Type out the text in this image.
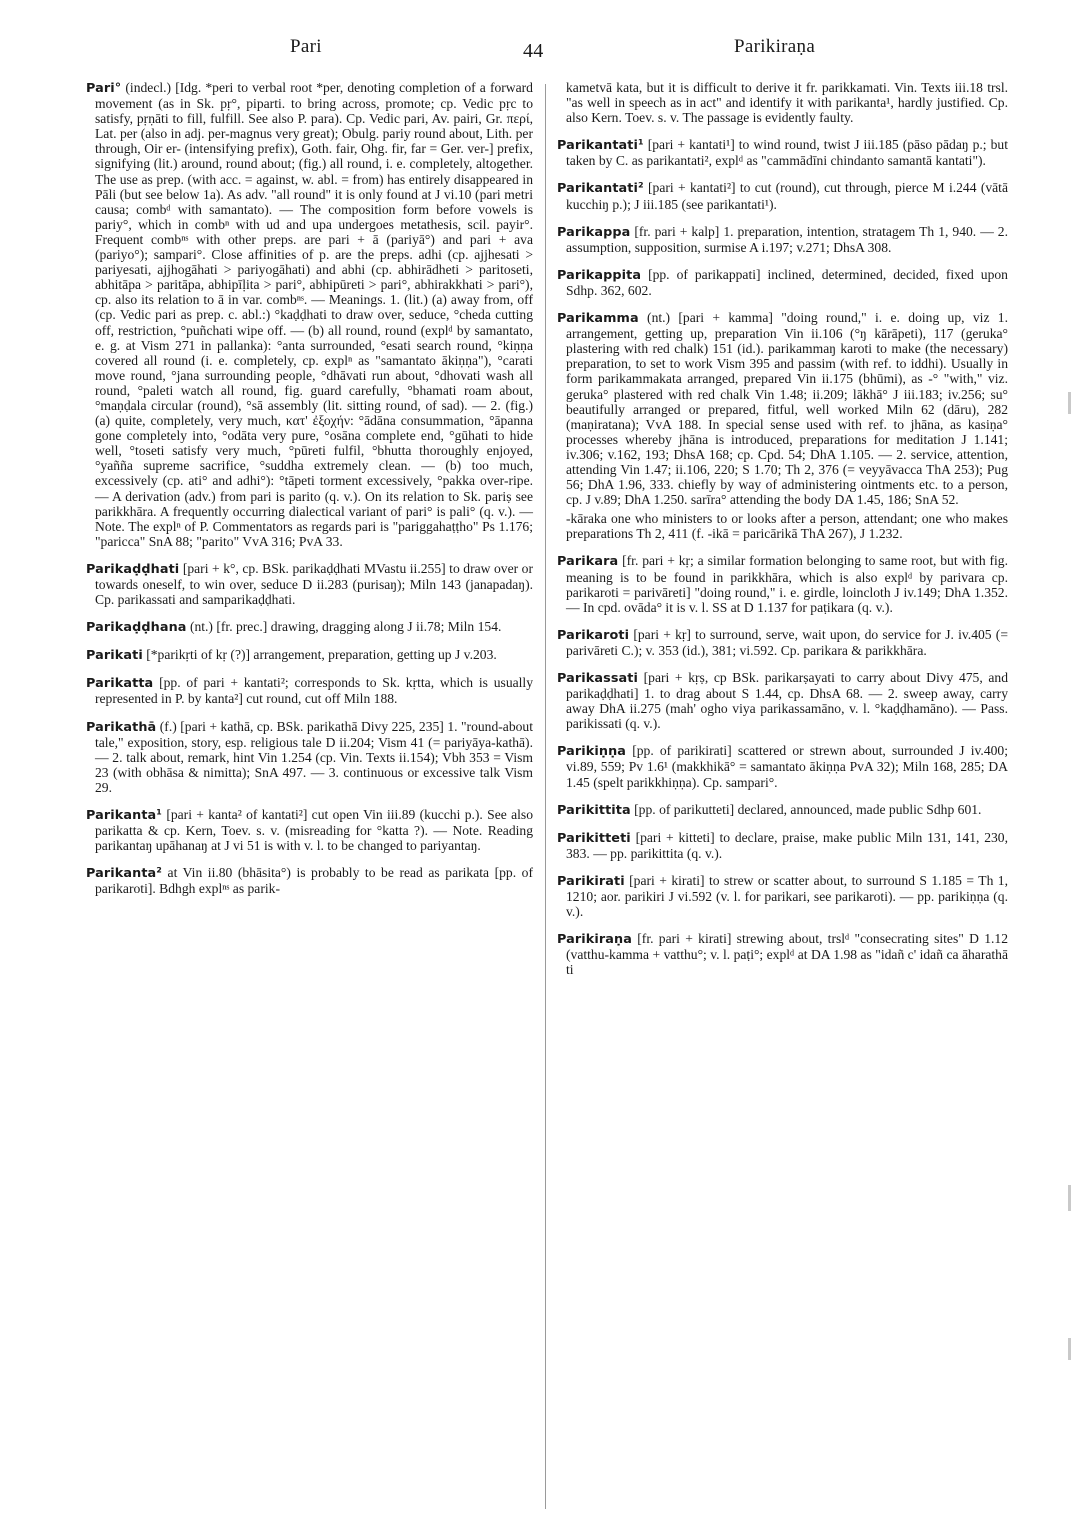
Pari	44	Parikiraṇa

Pari° (indecl.) [Idg. *peri to verbal root *per, denoting completion of a forward movement (as in Sk. pṛ°, piparti. to bring across, promote; cp. Vedic pṛc to satisfy, pṛṇāti to fill, fulfill. See also P. para). Cp. Vedic pari, Av. pairi, Gr. περί, Lat. per (also in adj. per-magnus very great); Obulg. pariy round about, Lith. per through, Oir er- (intensifying prefix), Goth. fair, Ohg. fir, far = Ger. ver-] prefix, signifying (lit.) around, round about; (fig.) all round, i. e. completely, altogether. The use as prep. (with acc. = against, w. abl. = from) has entirely disappeared in Pāli (but see below 1a). As adv. "all round" it is only found at J vi.10 (pari metri causa; combᵈ with samantato). — The composition form before vowels is pariy°, which in combⁿ with ud and upa undergoes metathesis, scil. payir°. Frequent combⁿˢ with other preps. are pari + ā (pariyā°) and pari + ava (pariyo°); sampari°. Close affinities of p. are the preps. adhi (cp. ajjhesati > pariyesati, ajjhogāhati > pariyogāhati) and abhi (cp. abhirādheti > paritoseti, abhitāpa > paritāpa, abhipīḷita > pari°, abhipūreti > pari°, abhirakkhati > pari°), cp. also its relation to ā in var. combⁿˢ. — Meanings. 1. (lit.) (a) away from, off (cp. Vedic pari as prep. c. abl.:) °kaḍḍhati to draw over, seduce, °cheda cutting off, restriction, °puñchati wipe off. — (b) all round, round (explᵈ by samantato, e. g. at Vism 271 in pallanka): °anta surrounded, °esati search round, °kiṇṇa covered all round (i. e. completely, cp. explⁿ as "samantato ākiṇṇa"), °carati move round, °jana surrounding people, °dhāvati run about, °dhovati wash all round, °paleti watch all round, fig. guard carefully, °bhamati roam about, °maṇḍala circular (round), °sā assembly (lit. sitting round, of sad). — 2. (fig.) (a) quite, completely, very much, κατ' ἐξοχήν: °ādāna consummation, °āpanna gone completely into, °odāta very pure, °osāna complete end, °gūhati to hide well, °toseti satisfy very much, °pūreti fulfil, °bhutta thoroughly enjoyed, °yañña supreme sacrifice, °suddha extremely clean. — (b) too much, excessively (cp. ati° and adhi°): °tāpeti torment excessively, °pakka over-ripe. — A derivation (adv.) from pari is parito (q. v.). On its relation to Sk. pariṣ see parikkhāra. A frequently occurring dialectical variant of pari° is pali° (q. v.). — Note. The explⁿ of P. Commentators as regards pari is "pariggahaṭṭho" Ps 1.176; "paricca" SnA 88; "parito" VvA 316; PvA 33.

Parikaḍḍhati [pari + k°, cp. BSk. parikaḍḍhati MVastu ii.255] to draw over or towards oneself, to win over, seduce D ii.283 (purisaŋ); Miln 143 (janapadaŋ). Cp. parikassati and samparikaḍḍhati.

Parikaḍḍhana (nt.) [fr. prec.] drawing, dragging along J ii.78; Miln 154.

Parikati [*parikṛti of kṛ (?)] arrangement, preparation, getting up J v.203.

Parikatta [pp. of pari + kantati²; corresponds to Sk. kṛtta, which is usually represented in P. by kanta²] cut round, cut off Miln 188.

Parikathā (f.) [pari + kathā, cp. BSk. parikathā Divy 225, 235] 1. "round-about tale," exposition, story, esp. religious tale D ii.204; Vism 41 (= pariyāya-kathā). — 2. talk about, remark, hint Vin 1.254 (cp. Vin. Texts ii.154); Vbh 353 = Vism 23 (with obhāsa & nimitta); SnA 497. — 3. continuous or excessive talk Vism 29.

Parikanta¹ [pari + kanta² of kantati²] cut open Vin iii.89 (kucchi p.). See also parikatta & cp. Kern, Toev. s. v. (misreading for °katta ?). — Note. Reading parikantaŋ upāhanaŋ at J vi 51 is with v. l. to be changed to pariyantaŋ.

Parikanta² at Vin ii.80 (bhāsita°) is probably to be read as parikata [pp. of parikaroti]. Bdhgh explⁿˢ as parik-

kametvā kata, but it is difficult to derive it fr. parikkamati. Vin. Texts iii.18 trsl. "as well in speech as in act" and identify it with parikanta¹, hardly justified. Cp. also Kern. Toev. s. v. The passage is evidently faulty.

Parikantati¹ [pari + kantati¹] to wind round, twist J iii.185 (pāso pādaŋ p.; but taken by C. as parikantati², explᵈ as "cammādīni chindanto samantā kantati").

Parikantati² [pari + kantati²] to cut (round), cut through, pierce M i.244 (vātā kucchiŋ p.); J iii.185 (see parikantati¹).

Parikappa [fr. pari + kalp] 1. preparation, intention, stratagem Th 1, 940. — 2. assumption, supposition, surmise A i.197; v.271; DhsA 308.

Parikappita [pp. of parikappati] inclined, determined, decided, fixed upon Sdhp. 362, 602.

Parikamma (nt.) [pari + kamma] "doing round," i. e. doing up, viz 1. arrangement, getting up, preparation Vin ii.106 (°ŋ kārāpeti), 117 (geruka° plastering with red chalk) 151 (id.). parikammaŋ karoti to make (the necessary) preparation, to set to work Vism 395 and passim (with ref. to iddhi). Usually in form parikammakata arranged, prepared Vin ii.175 (bhūmi), as -° "with," viz. geruka° plastered with red chalk Vin 1.48; ii.209; lākhā° J iii.183; iv.256; su° beautifully arranged or prepared, fitful, well worked Miln 62 (dāru), 282 (maṇiratana); VvA 188. In special sense used with ref. to jhāna, as kasiṇa° processes whereby jhāna is introduced, preparations for meditation J 1.141; iv.306; v.162, 193; DhsA 168; cp. Cpd. 54; DhA 1.105. — 2. service, attention, attending Vin 1.47; ii.106, 220; S 1.70; Th 2, 376 (= veyyāvacca ThA 253); Pug 56; DhA 1.96, 333. chiefly by way of administering ointments etc. to a person, cp. J v.89; DhA 1.250. sarīra° attending the body DA 1.45, 186; SnA 52.

-kāraka one who ministers to or looks after a person, attendant; one who makes preparations Th 2, 411 (f. -ikā = paricārikā ThA 267), J 1.232.

Parikara [fr. pari + kṛ; a similar formation belonging to same root, but with fig. meaning is to be found in parikkhāra, which is also explᵈ by parivara cp. parikaroti = parivāreti] "doing round," i. e. girdle, loincloth J iv.149; DhA 1.352. — In cpd. ovāda° it is v. l. SS at D 1.137 for paṭikara (q. v.).

Parikaroti [pari + kṛ] to surround, serve, wait upon, do service for J. iv.405 (= parivāreti C.); v. 353 (id.), 381; vi.592. Cp. parikara & parikkhāra.

Parikassati [pari + kṛṣ, cp BSk. parikarṣayati to carry about Divy 475, and parikaḍḍhati] 1. to drag about S 1.44, cp. DhsA 68. — 2. sweep away, carry away DhA ii.275 (mah' ogho viya parikassamāno, v. l. °kaḍḍhamāno). — Pass. parikissati (q. v.).

Parikiṇṇa [pp. of parikirati] scattered or strewn about, surrounded J iv.400; vi.89, 559; Pv 1.6¹ (makkhikā° = samantato ākiṇṇa PvA 32); Miln 168, 285; DA 1.45 (spelt parikkhiṇṇa). Cp. sampari°.

Parikittita [pp. of parikutteti] declared, announced, made public Sdhp 601.

Parikitteti [pari + kitteti] to declare, praise, make public Miln 131, 141, 230, 383. — pp. parikittita (q. v.).

Parikirati [pari + kirati] to strew or scatter about, to surround S 1.185 = Th 1, 1210; aor. parikiri J vi.592 (v. l. for parikari, see parikaroti). — pp. parikiṇṇa (q. v.).

Parikiraṇa [fr. pari + kirati] strewing about, trslᵈ "consecrating sites" D 1.12 (vatthu-kamma + vatthu°; v. l. paṭi°; explᵈ at DA 1.98 as "idañ c' idañ ca āharathā ti
